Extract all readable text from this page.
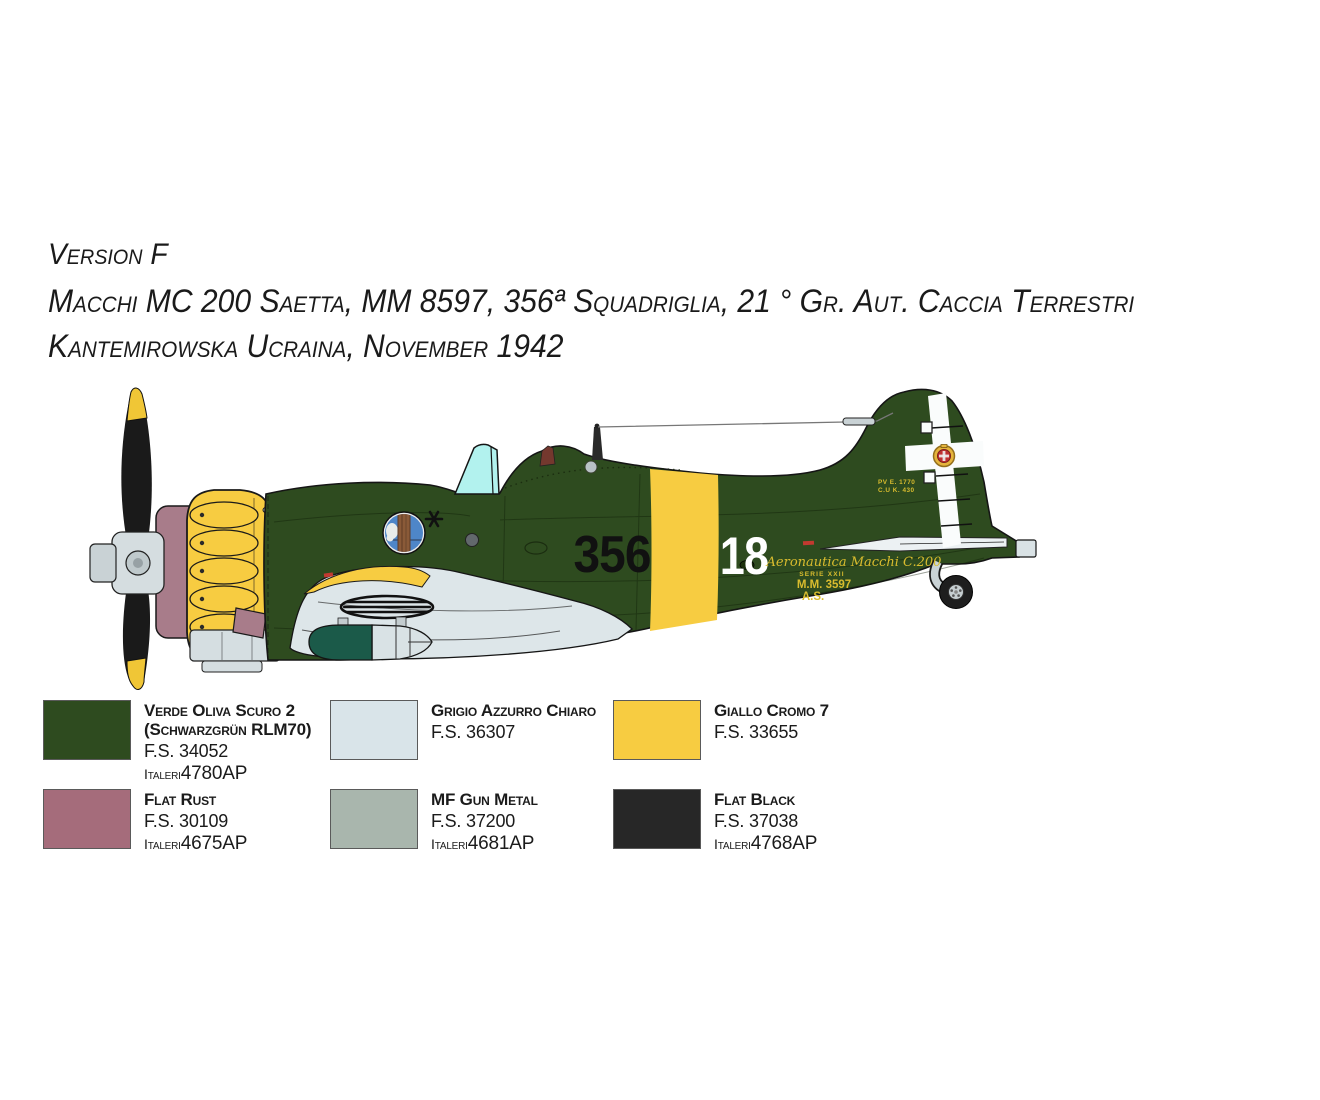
Version F
Macchi MC 200 Saetta, MM 8597, 356ª Squadriglia, 21 ° Gr. Aut. Caccia Terrestri
Kantemirowska Ucraina, November 1942
PV E. 1770
C.U K. 430
356 18
Aeronautica Macchi C.200
SERIE XXII
M.M. 3597
A.S.
Verde Oliva Scuro 2
(Schwarzgrün RLM70)
F.S. 34052
Italeri4780AP
Grigio Azzurro Chiaro
F.S. 36307
Giallo Cromo 7
F.S. 33655
Flat Rust
F.S. 30109
Italeri4675AP
MF Gun Metal
F.S. 37200
Italeri4681AP
Flat Black
F.S. 37038
Italeri4768AP
